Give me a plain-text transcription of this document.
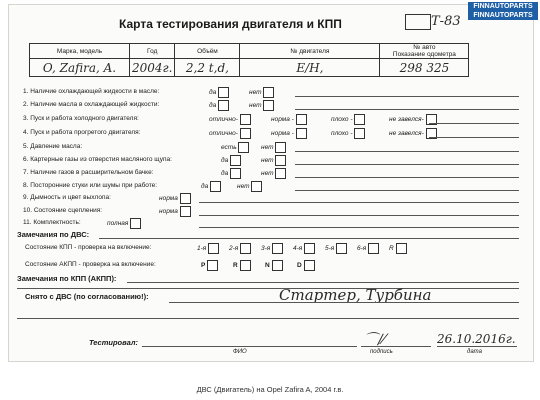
Карта тестирования двигателя и КПП	Т-83
Марка, модель	Год	Объём	№ двигателя	№ авто
Показание одометра

O, Zafira, A.	2004г.	2,2 t,d,	Е/Н,	298 325
1. Наличие охлаждающей жидкости в масле:	да	нет
2. Наличие масла в охлаждающей жидкости:	да	нет
3. Пуск и работа холодного двигателя:	отлично-	норма -	плохо -	не завелся-
4. Пуск и работа прогретого двигателя:	отлично-	норма -	плохо -	не завелся-
5. Давление масла:	есть	нет
6. Картерные газы из отверстия масляного щупа:	да	нет
7. Наличие газов в расширительном бачке:	да	нет
8. Посторонние стуки или шумы при работе:	да	нет
9. Дымность и цвет выхлопа:	норма
10. Состояние сцепления:	норма
11. Комплектность:	полная
Замечания по ДВС:
Состояние КПП - проверка на включение:	1-я	2-я	3-я	4-я	5-я	6-я	R
Состояние АКПП - проверка на включение:	P	R	N	D
Замечания по КПП (АКПП):
Снято с ДВС (по согласованию!):	Стартер, Турбина
Тестировал:	⌒∕⁄	26.10.2016г.
ФИО	подпись	дата
FINNAUTOPARTS
FINNAUTOPARTS
ДВС (Двигатель) на Opel Zafira A, 2004 г.в.
